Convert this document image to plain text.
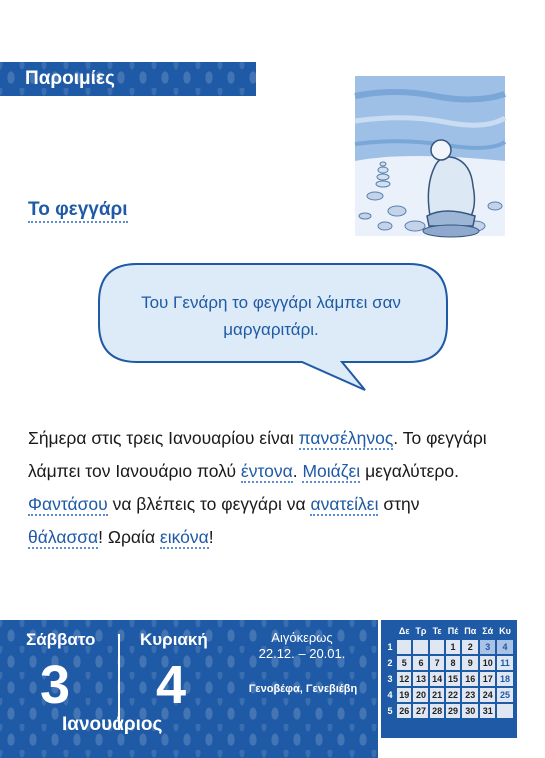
Παροιμίες
Το φεγγάρι
Του Γενάρη το φεγγάρι λάμπει σαν
μαργαριτάρι.
Σήμερα στις τρεις Ιανουαρίου είναι πανσέληνος. Το φεγγάρι λάμπει τον Ιανουάριο πολύ έντονα. Μοιάζει μεγαλύτερο.
Φαντάσου να βλέπεις το φεγγάρι να ανατείλει στην
θάλασσα! Ωραία εικόνα!
Σάββατο
3
Κυριακή
4
Ιανουάριος
Αιγόκερως
22.12. – 20.01.
Γενοβέφα, Γενεβιέβη
	Δε	Τρ	Τε	Πέ	Πα	Σά	Κυ
1				1	2	3	4
2	5	6	7	8	9	10	11
3	12	13	14	15	16	17	18
4	19	20	21	22	23	24	25
5	26	27	28	29	30	31	
